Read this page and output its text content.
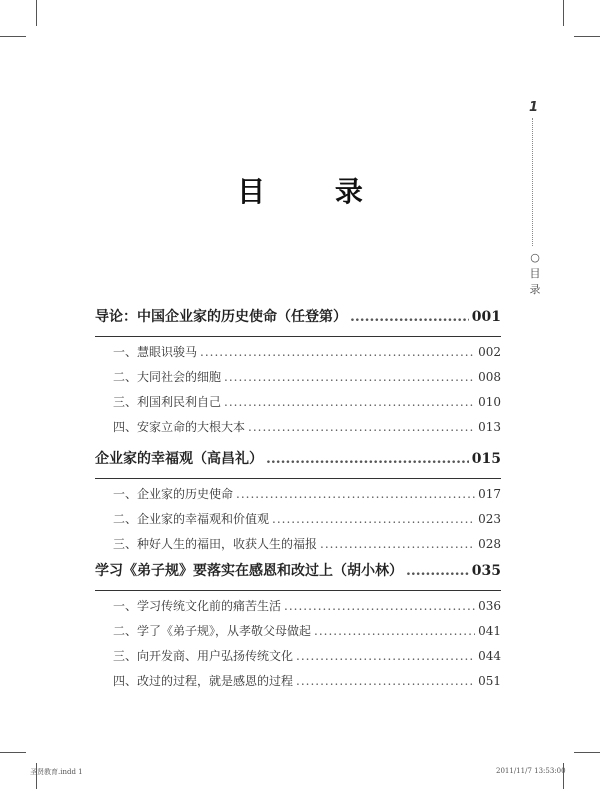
1
○目 录
目 录
导论：中国企业家的历史使命（任登第） .....	001
一、慧眼识骏马 .....	002
二、大同社会的细胞 .....	008
三、利国利民利自己 .....	010
四、安家立命的大根大本 .....	013
企业家的幸福观（高昌礼） .....	015
一、企业家的历史使命 .....	017
二、企业家的幸福观和价值观 .....	023
三、种好人生的福田，收获人生的福报 .....	028
学习《弟子规》要落实在感恩和改过上（胡小林） .....	035
一、学习传统文化前的痛苦生活 .....	036
二、学了《弟子规》，从孝敬父母做起 .....	041
三、向开发商、用户弘扬传统文化 .....	044
四、改过的过程，就是感恩的过程 .....	051
圣贤教育.indd 1	2011/11/7 13:53:00
